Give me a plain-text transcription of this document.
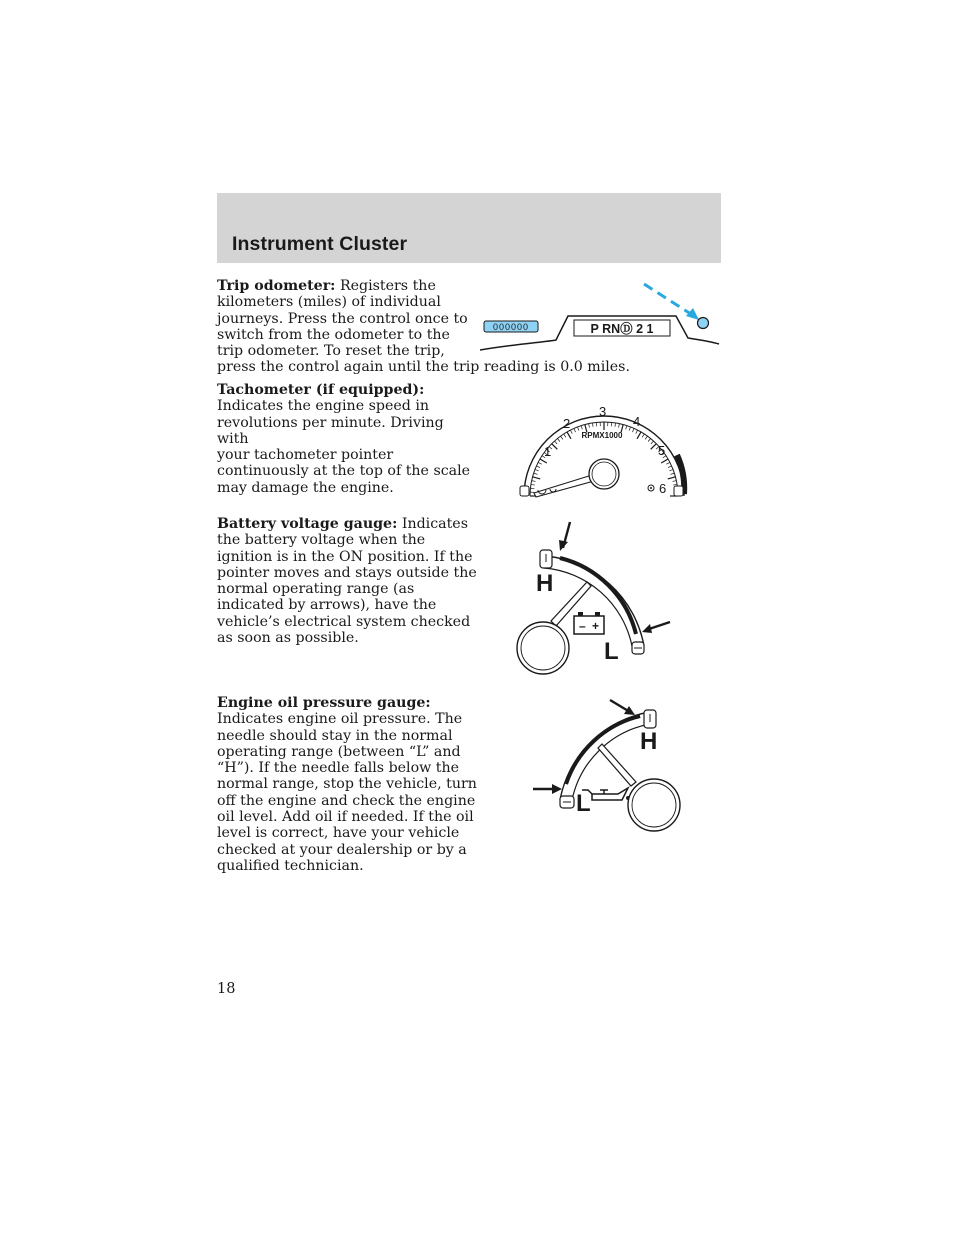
Instrument Cluster
Trip odometer: Registers the
kilometers (miles) of individual
journeys. Press the control once to
switch from the odometer to the
trip odometer. To reset the trip,
press the control again until the trip reading is 0.0 miles.
Tachometer (if equipped):
Indicates the engine speed in
revolutions per minute. Driving with
your tachometer pointer
continuously at the top of the scale
may damage the engine.
Battery voltage gauge: Indicates
the battery voltage when the
ignition is in the ON position. If the
pointer moves and stays outside the
normal operating range (as
indicated by arrows), have the
vehicle’s electrical system checked
as soon as possible.
Engine oil pressure gauge:
Indicates engine oil pressure. The
needle should stay in the normal
operating range (between “L” and
“H”). If the needle falls below the
normal range, stop the vehicle, turn
off the engine and check the engine
oil level. Add oil if needed. If the oil
level is correct, have your vehicle
checked at your dealership or by a
qualified technician.
000000	P RNⒹ 2 1
1
2
3
4
5
6
RPMX1000
H
L
– +
H
L
18
